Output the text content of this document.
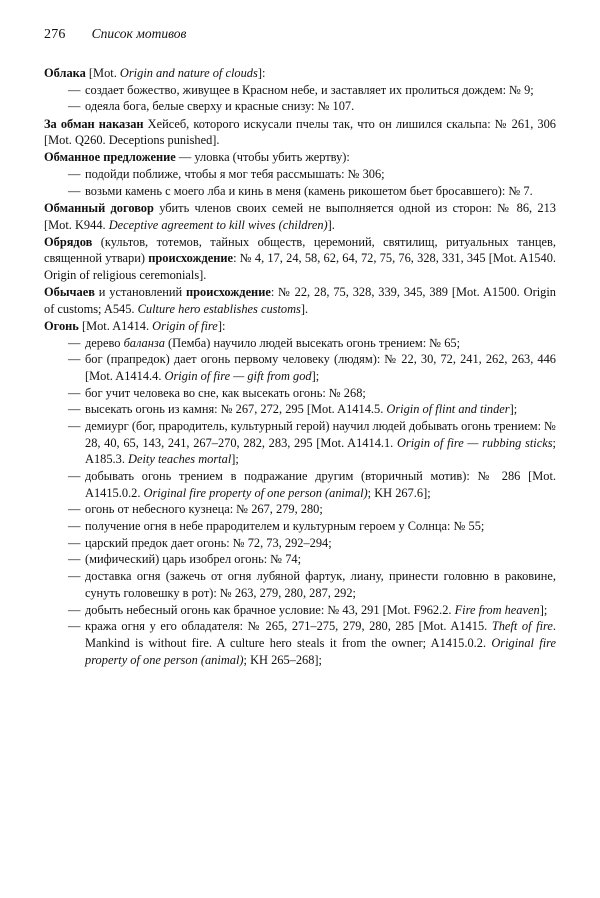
276 Список мотивов

Облака [Mot. Origin and nature of clouds]:

— создает божество, живущее в Красном небе, и заставляет их пролиться дождем: № 9;

— одеяла бога, белые сверху и красные снизу: № 107.

За обман наказан Хейсеб, которого искусали пчелы так, что он лишился скальпа: № 261, 306 [Mot. Q260. Deceptions punished].

Обманное предложение — уловка (чтобы убить жертву):

— подойди поближе, чтобы я мог тебя рассмышать: № 306;

— возьми камень с моего лба и кинь в меня (камень рикошетом бьет бросавшего): № 7.

Обманный договор убить членов своих семей не выполняется одной из сторон: № 86, 213 [Mot. K944. Deceptive agreement to kill wives (children)].

Обрядов (культов, тотемов, тайных обществ, церемоний, святилищ, ритуальных танцев, священной утвари) происхождение: № 4, 17, 24, 58, 62, 64, 72, 75, 76, 328, 331, 345 [Mot. A1540. Origin of religious ceremonials].

Обычаев и установлений происхождение: № 22, 28, 75, 328, 339, 345, 389 [Mot. A1500. Origin of customs; A545. Culture hero establishes customs].

Огонь [Mot. A1414. Origin of fire]:

— дерево баланза (Пемба) научило людей высекать огонь трением: № 65;

— бог (прапредок) дает огонь первому человеку (людям): № 22, 30, 72, 241, 262, 263, 446 [Mot. A1414.4. Origin of fire — gift from god];

— бог учит человека во сне, как высекать огонь: № 268;

— высекать огонь из камня: № 267, 272, 295 [Mot. A1414.5. Origin of flint and tinder];

— демиург (бог, прародитель, культурный герой) научил людей добывать огонь трением: № 28, 40, 65, 143, 241, 267–270, 282, 283, 295 [Mot. A1414.1. Origin of fire — rubbing sticks; A185.3. Deity teaches mortal];

— добывать огонь трением в подражание другим (вторичный мотив): № 286 [Mot. A1415.0.2. Original fire property of one person (animal); KH 267.6];

— огонь от небесного кузнеца: № 267, 279, 280;

— получение огня в небе прародителем и культурным героем у Солнца: № 55;

— царский предок дает огонь: № 72, 73, 292–294;

— (мифический) царь изобрел огонь: № 74;

— доставка огня (зажечь от огня лубяной фартук, лиану, принести головню в раковине, сунуть головешку в рот): № 263, 279, 280, 287, 292;

— добыть небесный огонь как брачное условие: № 43, 291 [Mot. F962.2. Fire from heaven];

— кража огня у его обладателя: № 265, 271–275, 279, 280, 285 [Mot. A1415. Theft of fire. Mankind is without fire. A culture hero steals it from the owner; A1415.0.2. Original fire property of one person (animal); KH 265–268];
